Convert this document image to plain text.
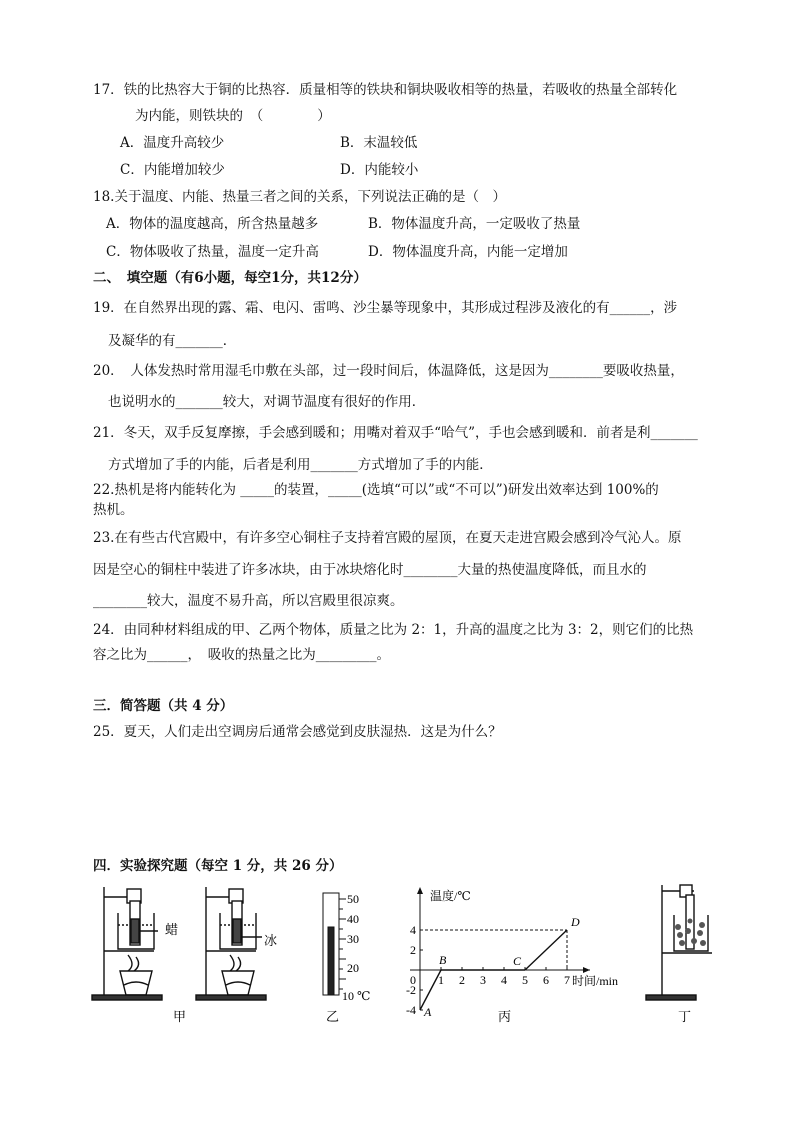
17．铁的比热容大于铜的比热容．质量相等的铁块和铜块吸收相等的热量，若吸收的热量全部转化
为内能，则铁块的　（　　　　）
A．温度升高较少	B．末温较低
C．内能增加较少	D．内能较小
18.关于温度、内能、热量三者之间的关系，下列说法正确的是（　）
A．物体的温度越高，所含热量越多	B．物体温度升高，一定吸收了热量
C．物体吸收了热量，温度一定升高	D．物体温度升高，内能一定增加
二、　填空题（有6小题，每空1分，共12分）
19．在自然界出现的露、霜、电闪、雷鸣、沙尘暴等现象中，其形成过程涉及液化的有______，涉
及凝华的有_______．
20．　人体发热时常用湿毛巾敷在头部，过一段时间后，体温降低，这是因为________要吸收热量，
也说明水的_______较大，对调节温度有很好的作用．
21．冬天，双手反复摩擦，手会感到暖和；用嘴对着双手“哈气”，手也会感到暖和．前者是利_______
方式增加了手的内能，后者是利用_______方式增加了手的内能．
22.热机是将内能转化为 _____的装置，_____(选填“可以”或“不可以”)研发出效率达到 100%的
热机。
23.在有些古代宫殿中，有许多空心铜柱子支持着宫殿的屋顶，在夏天走进宫殿会感到冷气沁人。原
因是空心的铜柱中装进了许多冰块，由于冰块熔化时________大量的热使温度降低，而且水的
________较大，温度不易升高，所以宫殿里很凉爽。
24．由同种材料组成的甲、乙两个物体，质量之比为 2：1，升高的温度之比为 3：2，则它们的比热
容之比为______，　吸收的热量之比为_________。
三．简答题（共 4 分）
25．夏天，人们走出空调房后通常会感觉到皮肤湿热．这是为什么？
四．实验探究题（每空 1 分，共 26 分）
蜡
甲
冰
50
40
30
20
10 ℃
乙
0 1 2 3 4 5 6 7
4
2
-2
-4 A
B	C
D
温度/℃
时间/min
丙	丁
